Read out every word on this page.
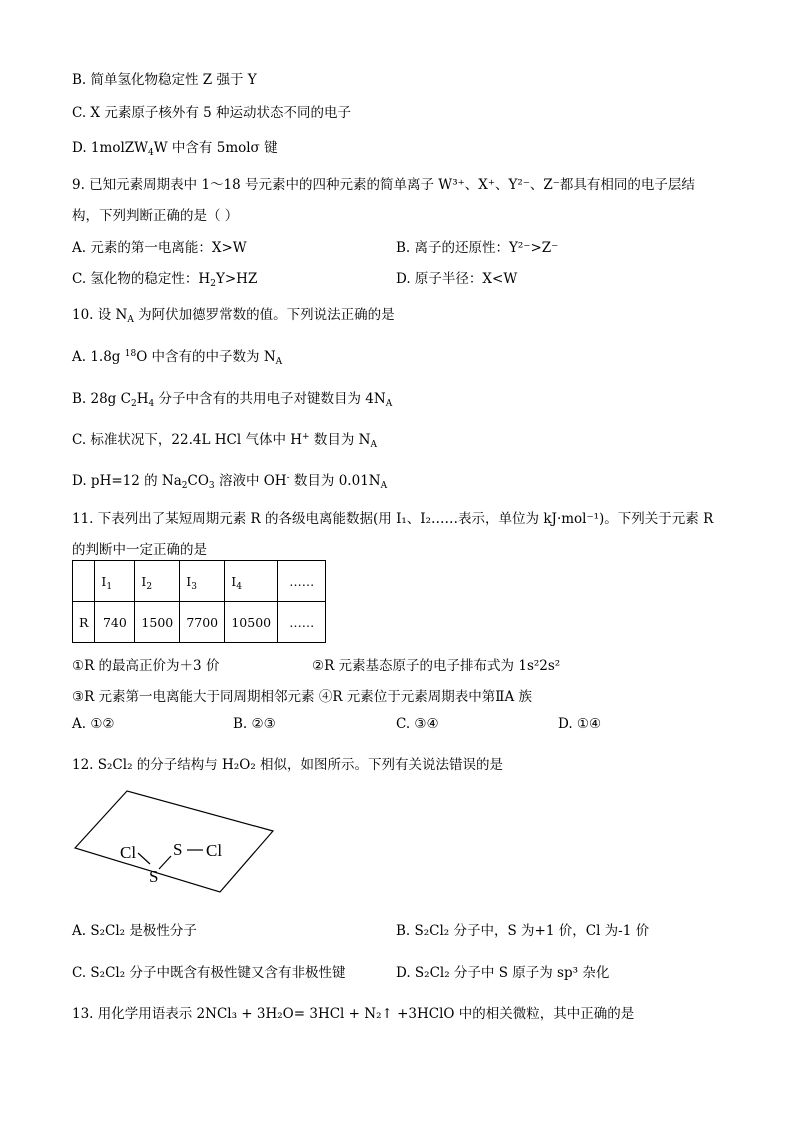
B. 简单氢化物稳定性 Z 强于 Y
C. X 元素原子核外有 5 种运动状态不同的电子
D. 1molZW$_4$W 中含有 5molσ 键
9. 已知元素周期表中 1～18 号元素中的四种元素的简单离子 W³⁺、X⁺、Y²⁻、Z⁻都具有相同的电子层结
构，下列判断正确的是（ ）
A. 元素的第一电离能：X>W	B. 离子的还原性：Y²⁻>Z⁻
C. 氢化物的稳定性：$H_2Y>HZ$	D. 原子半径：X<W
10. 设 $N_A$ 为阿伏加德罗常数的值。下列说法正确的是
A. 1.8g $^{18}$O 中含有的中子数为 $N_A$
B. 28g $C_2H_4$ 分子中含有的共用电子对键数目为 $4N_A$
C. 标准状况下，22.4L HCl 气体中 H+ 数目为 $N_A$
D. pH=12 的 $Na_2CO_3$ 溶液中 OH- 数目为 $0.01N_A$
11. 下表列出了某短周期元素 R 的各级电离能数据(用 I₁、I₂……表示，单位为 kJ·mol⁻¹)。下列关于元素 R
的判断中一定正确的是
	$I_1$	$I_2$	$I_3$	$I_4$	……
R	740	1500	7700	10500	……
①R 的最高正价为＋3 价	②R 元素基态原子的电子排布式为 1s²2s²
③R 元素第一电离能大于同周期相邻元素 ④R 元素位于元素周期表中第ⅡA 族
A. ①②	B. ②③	C. ③④	D. ①④
12. S₂Cl₂ 的分子结构与 H₂O₂ 相似，如图所示。下列有关说法错误的是
Cl S Cl
S
A. S₂Cl₂ 是极性分子	B. S₂Cl₂ 分子中，S 为+1 价，Cl 为-1 价
C. S₂Cl₂ 分子中既含有极性键又含有非极性键	D. S₂Cl₂ 分子中 S 原子为 sp³ 杂化
13. 用化学用语表示 2NCl₃ + 3H₂O= 3HCl + N₂↑ +3HClO 中的相关微粒，其中正确的是
